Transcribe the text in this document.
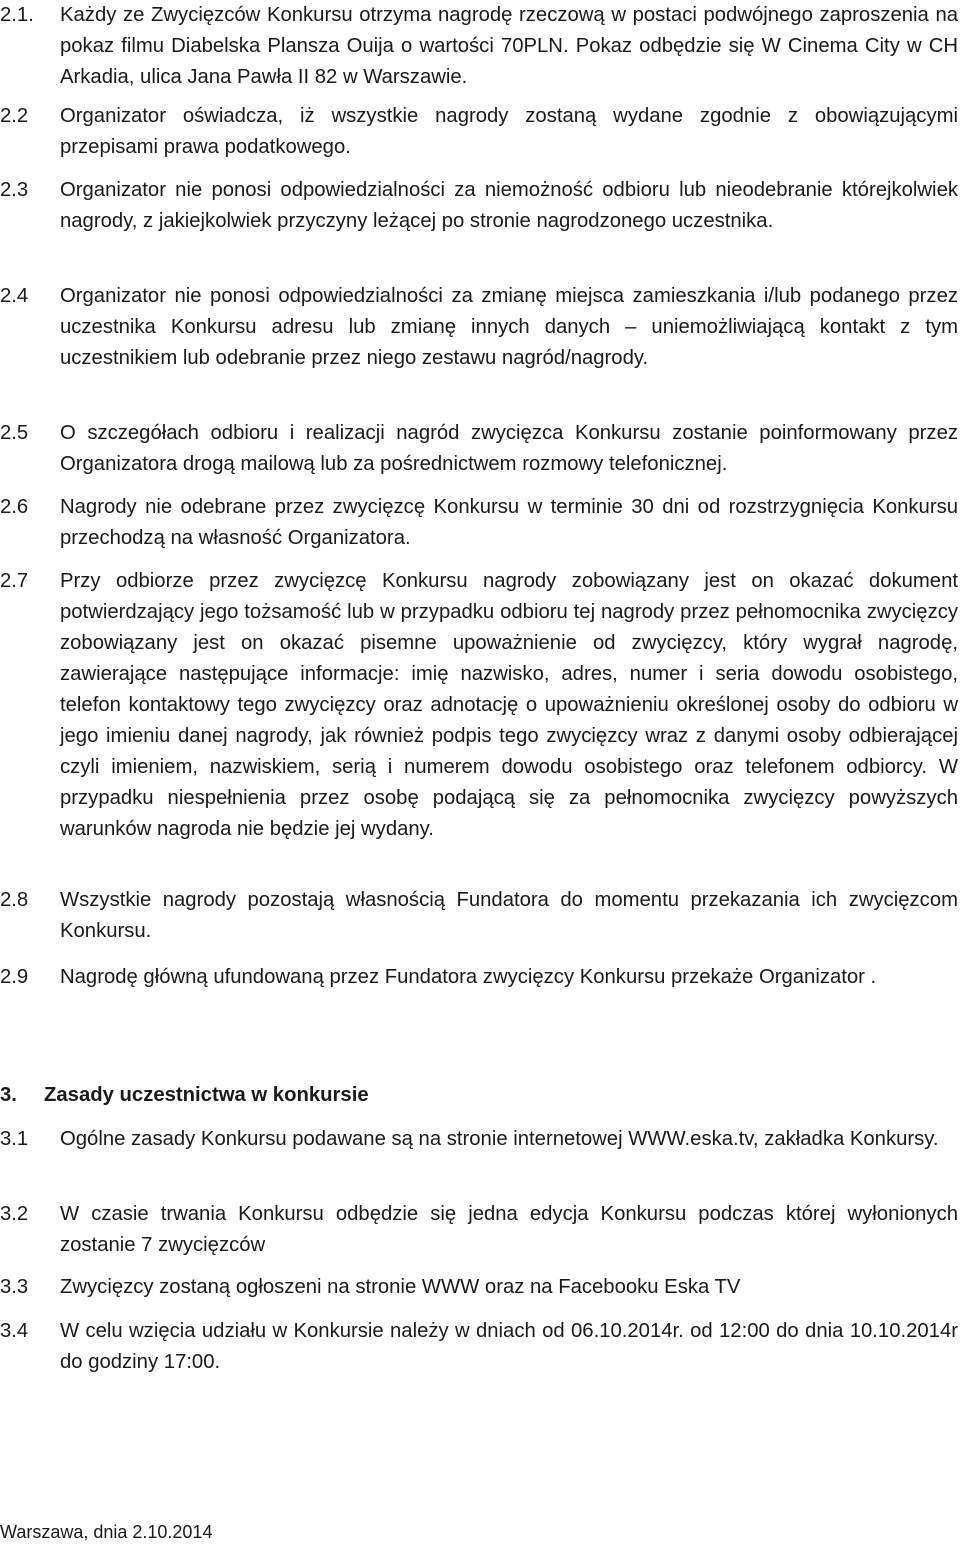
2.1. Każdy ze Zwycięzców Konkursu otrzyma nagrodę rzeczową w postaci podwójnego zaproszenia na pokaz filmu Diabelska Plansza Ouija o wartości 70PLN. Pokaz odbędzie się W Cinema City w CH Arkadia, ulica Jana Pawła II 82 w Warszawie.
2.2 Organizator oświadcza, iż wszystkie nagrody zostaną wydane zgodnie z obowiązującymi przepisami prawa podatkowego.
2.3 Organizator nie ponosi odpowiedzialności za niemożność odbioru lub nieodebranie którejkolwiek nagrody, z jakiejkolwiek przyczyny leżącej po stronie nagrodzonego uczestnika.
2.4 Organizator nie ponosi odpowiedzialności za zmianę miejsca zamieszkania i/lub podanego przez uczestnika Konkursu adresu lub zmianę innych danych – uniemożliwiającą kontakt z tym uczestnikiem lub odebranie przez niego zestawu nagród/nagrody.
2.5 O szczegółach odbioru i realizacji nagród zwycięzca Konkursu zostanie poinformowany przez Organizatora drogą mailową lub za pośrednictwem rozmowy telefonicznej.
2.6 Nagrody nie odebrane przez zwycięzcę Konkursu w terminie 30 dni od rozstrzygnięcia Konkursu przechodzą na własność Organizatora.
2.7 Przy odbiorze przez zwycięzcę Konkursu nagrody zobowiązany jest on okazać dokument potwierdzający jego tożsamość lub w przypadku odbioru tej nagrody przez pełnomocnika zwycięzcy zobowiązany jest on okazać pisemne upoważnienie od zwycięzcy, który wygrał nagrodę, zawierające następujące informacje: imię nazwisko, adres, numer i seria dowodu osobistego, telefon kontaktowy tego zwycięzcy oraz adnotację o upoważnieniu określonej osoby do odbioru w jego imieniu danej nagrody, jak również podpis tego zwycięzcy wraz z danymi osoby odbierającej czyli imieniem, nazwiskiem, serią i numerem dowodu osobistego oraz telefonem odbiorcy. W przypadku niespełnienia przez osobę podającą się za pełnomocnika zwycięzcy powyższych warunków nagroda nie będzie jej wydany.
2.8 Wszystkie nagrody pozostają własnością Fundatora do momentu przekazania ich zwycięzcom Konkursu.
2.9 Nagrodę główną ufundowaną przez Fundatora zwycięzcy Konkursu przekaże Organizator .
3. Zasady uczestnictwa w konkursie
3.1 Ogólne zasady Konkursu podawane są na stronie internetowej WWW.eska.tv, zakładka Konkursy.
3.2 W czasie trwania Konkursu odbędzie się jedna edycja Konkursu podczas której wyłonionych zostanie 7 zwycięzców
3.3 Zwycięzcy zostaną ogłoszeni na stronie WWW oraz na Facebooku Eska TV
3.4 W celu wzięcia udziału w Konkursie należy w dniach od 06.10.2014r. od 12:00 do dnia 10.10.2014r do godziny 17:00.
Warszawa, dnia 2.10.2014
